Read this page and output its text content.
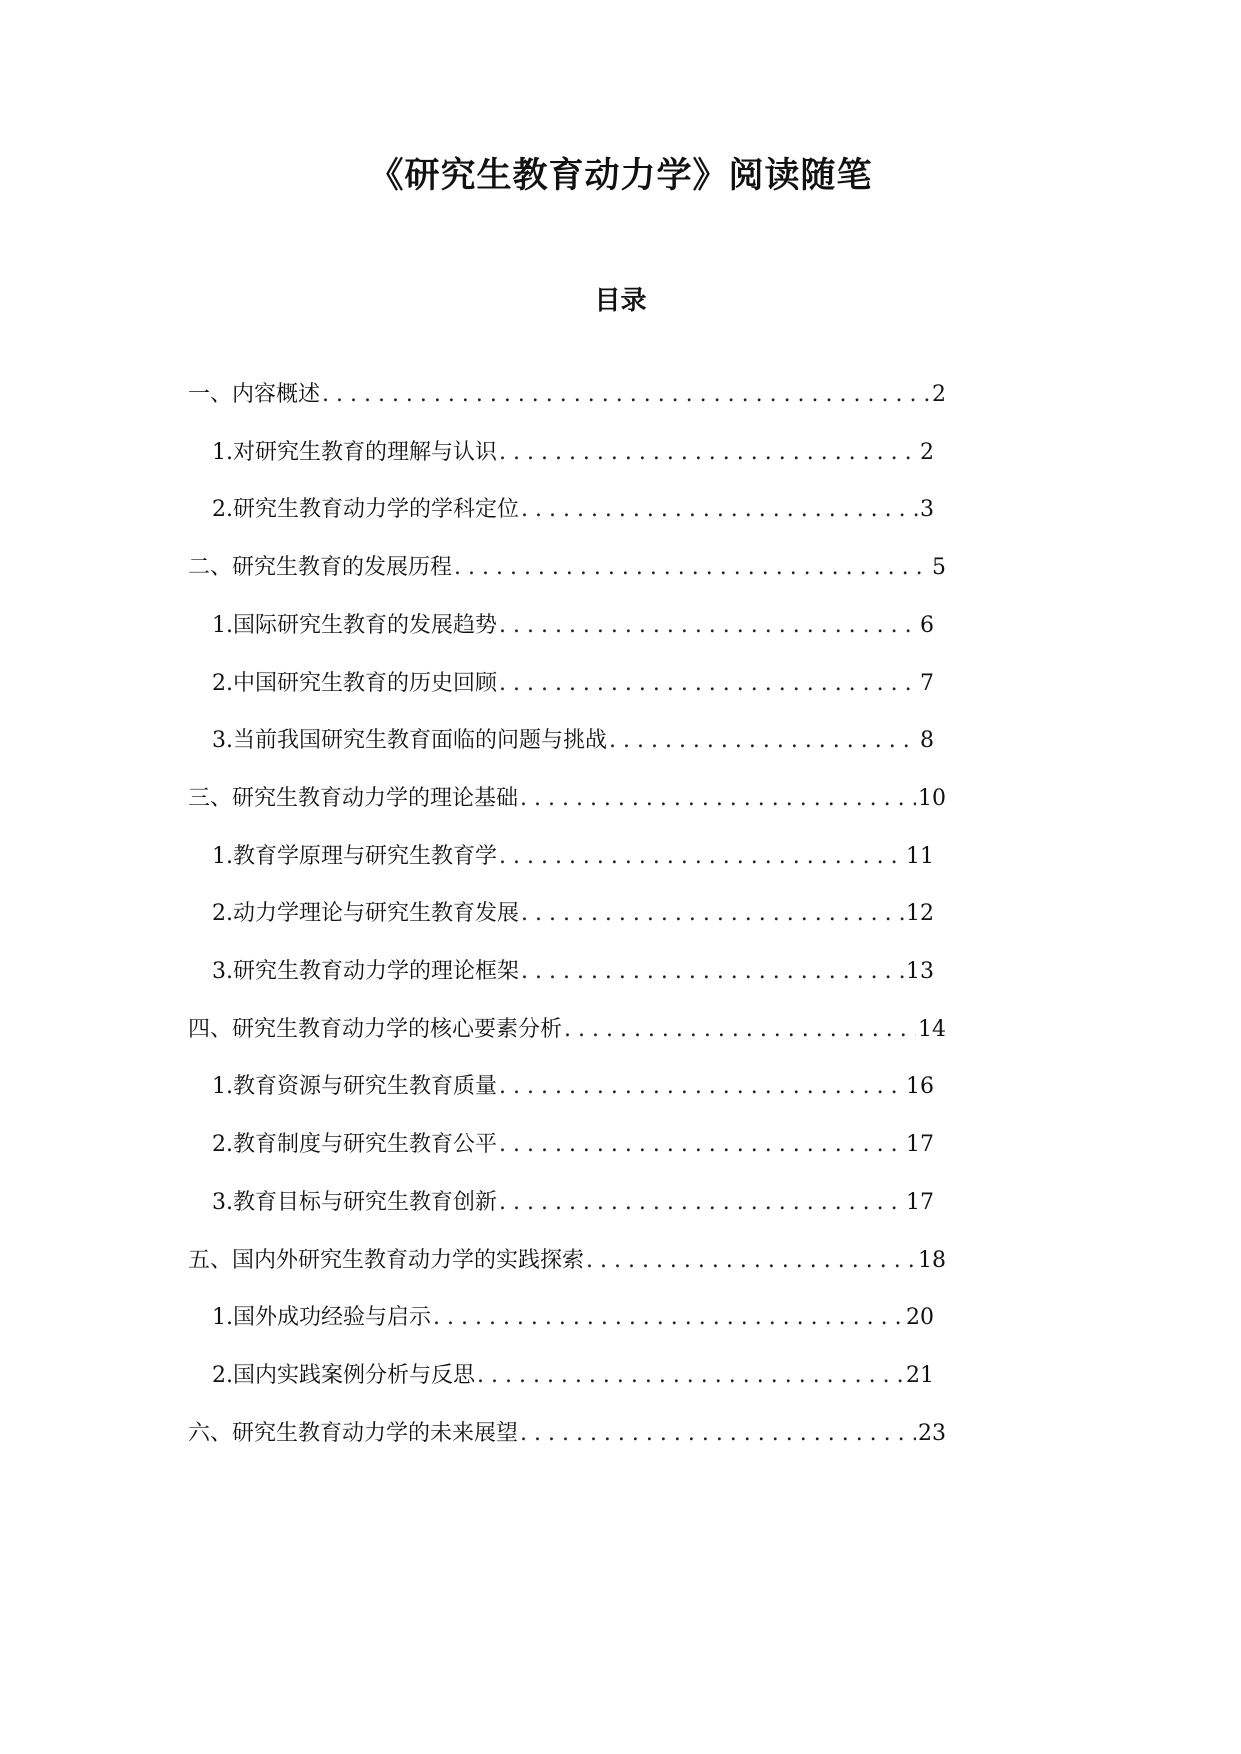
《研究生教育动力学》阅读随笔
目录
一、内容概述 . . .	2
1. 对研究生教育的理解与认识 . . .	2
2. 研究生教育动力学的学科定位 . . .	3
二、研究生教育的发展历程 . . .	5
1. 国际研究生教育的发展趋势 . . .	6
2. 中国研究生教育的历史回顾 . . .	7
3. 当前我国研究生教育面临的问题与挑战 . . .	8
三、研究生教育动力学的理论基础 . . .	10
1. 教育学原理与研究生教育学 . . .	11
2. 动力学理论与研究生教育发展 . . .	12
3. 研究生教育动力学的理论框架 . . .	13
四、研究生教育动力学的核心要素分析 . . .	14
1. 教育资源与研究生教育质量 . . .	16
2. 教育制度与研究生教育公平 . . .	17
3. 教育目标与研究生教育创新 . . .	17
五、国内外研究生教育动力学的实践探索 . . .	18
1. 国外成功经验与启示 . . .	20
2. 国内实践案例分析与反思 . . .	21
六、研究生教育动力学的未来展望 . . .	23
